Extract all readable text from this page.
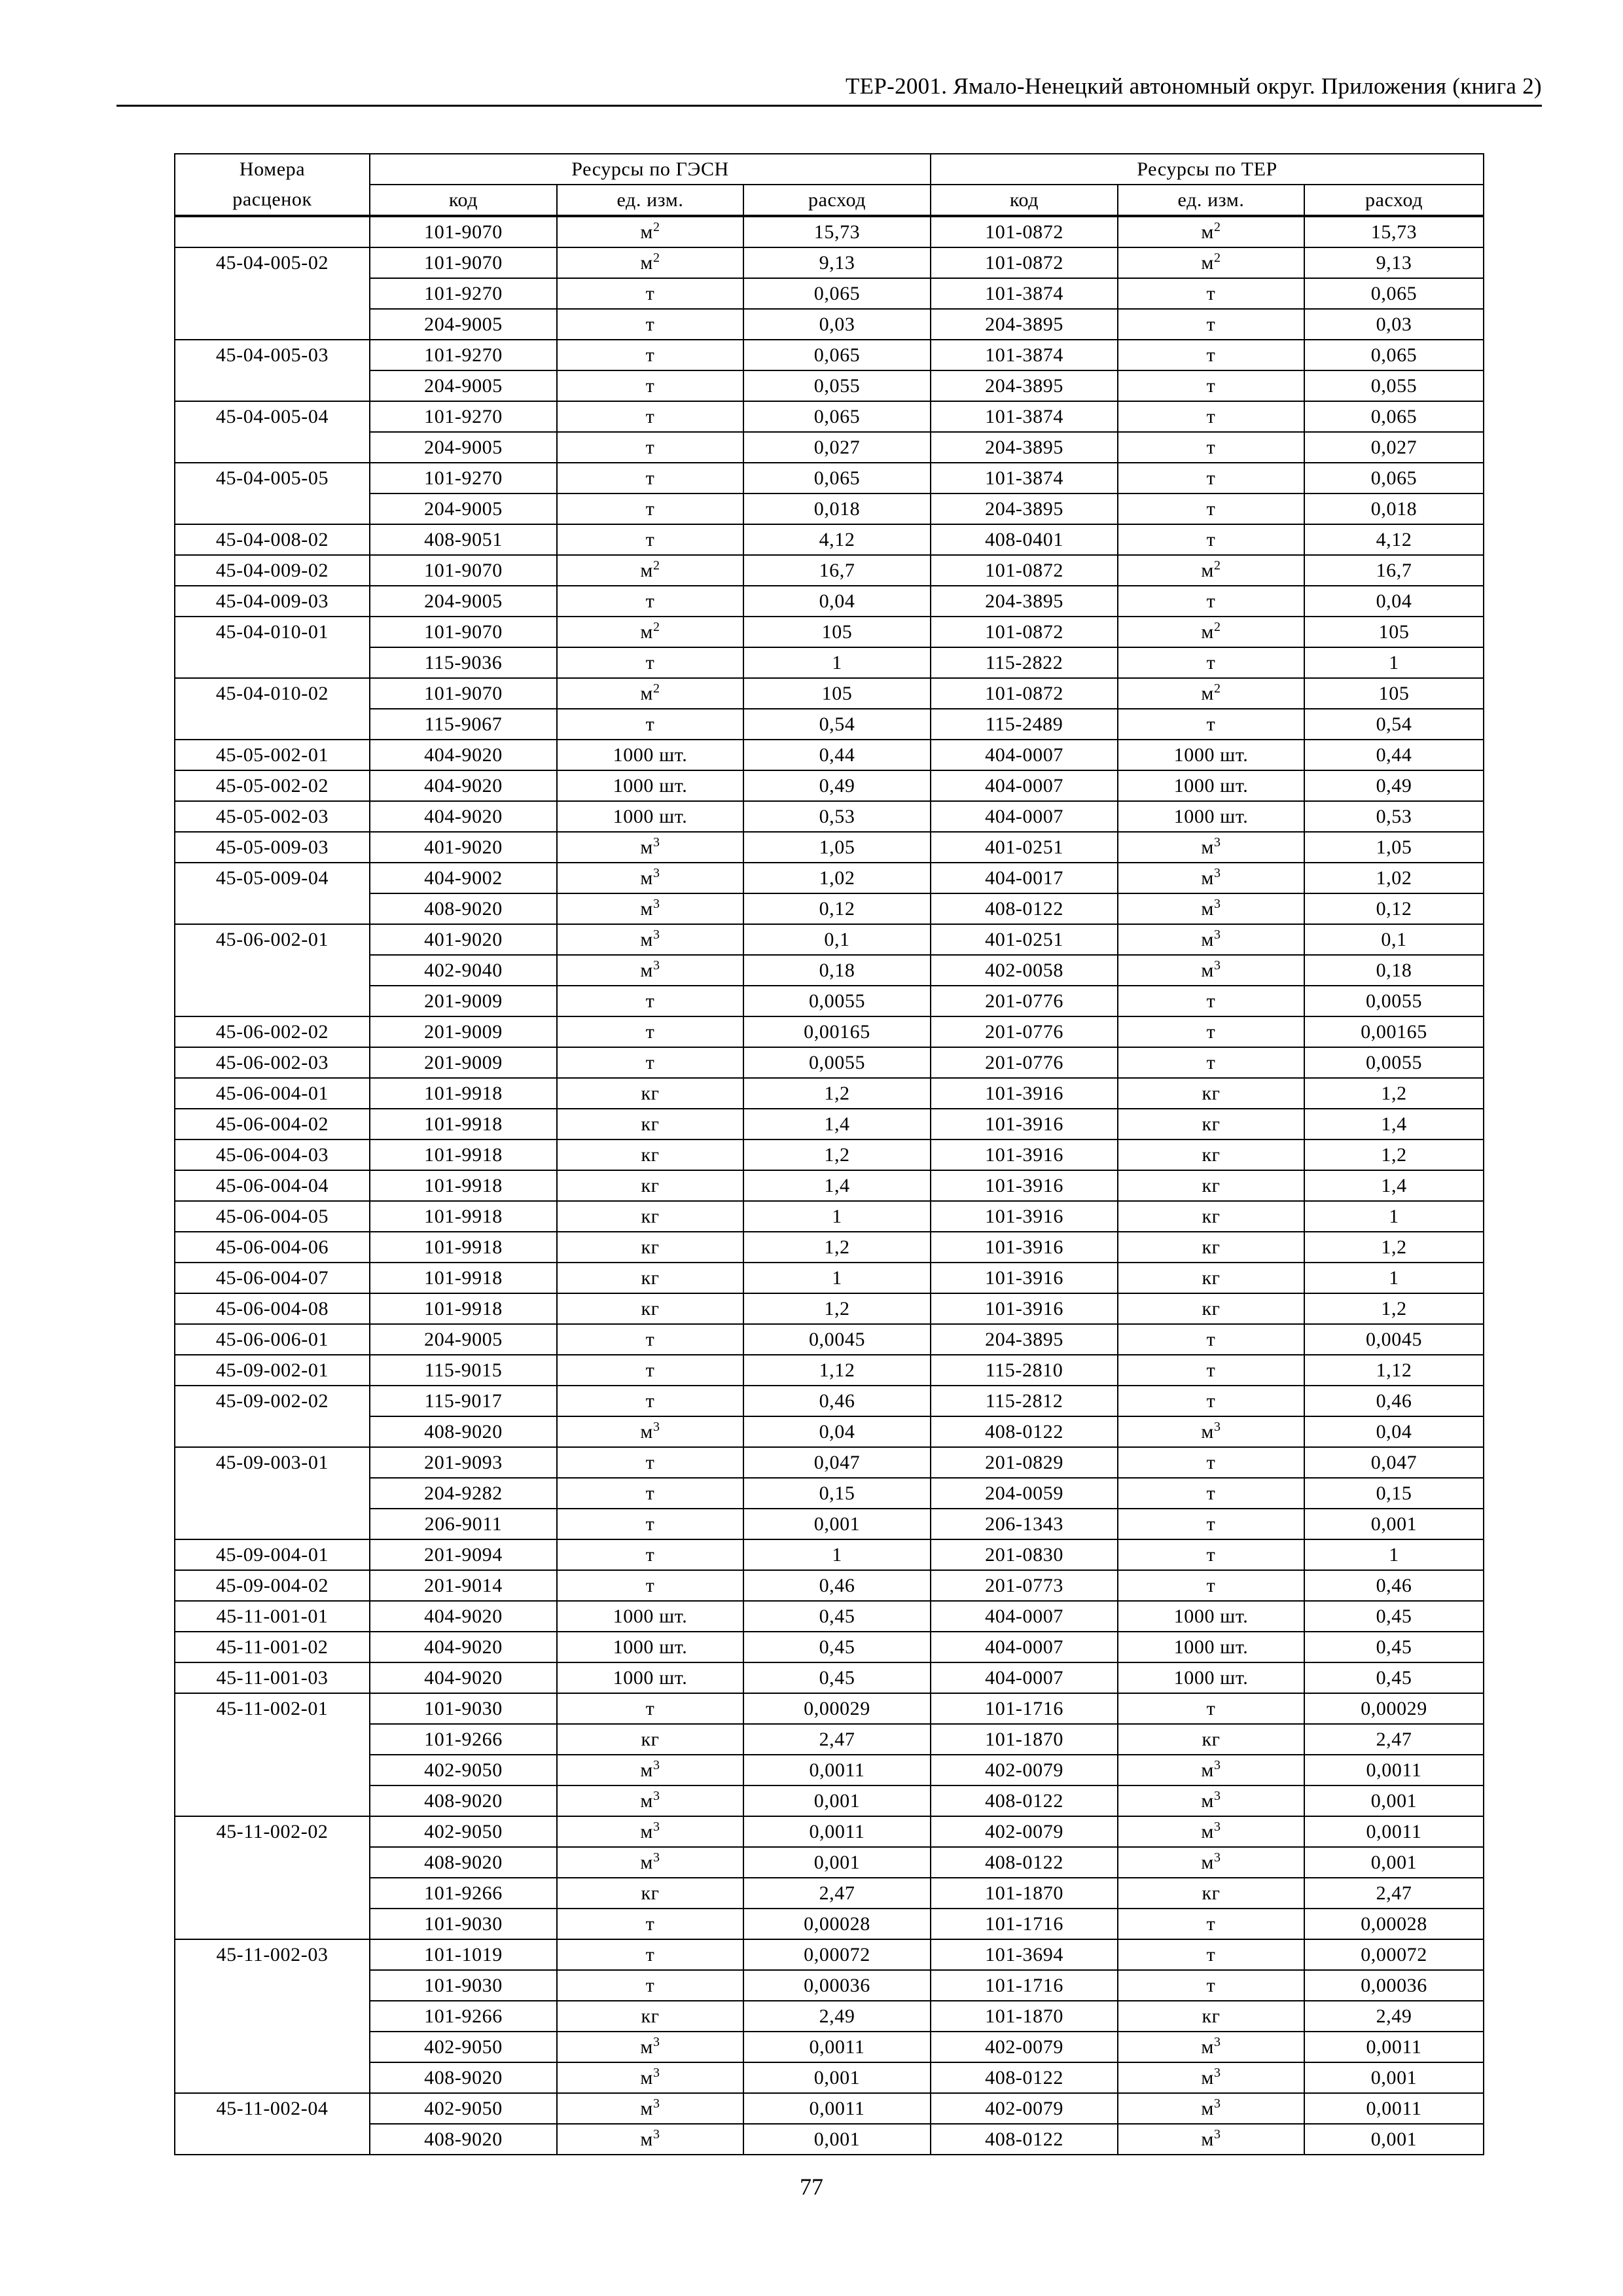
ТЕР-2001. Ямало-Ненецкий автономный округ. Приложения (книга 2)
Номера	Ресурсы по ГЭСН			Ресурсы по ТЕР		
расценок	код	ед. изм.	расход	код	ед. изм.	расход
	101-9070	$м^2$	15,73	101-0872	$м^2$	15,73
45-04-005-02	101-9070	$м^2$	9,13	101-0872	$м^2$	9,13
	101-9270	т	0,065	101-3874	т	0,065
	204-9005	т	0,03	204-3895	т	0,03
45-04-005-03	101-9270	т	0,065	101-3874	т	0,065
	204-9005	т	0,055	204-3895	т	0,055
45-04-005-04	101-9270	т	0,065	101-3874	т	0,065
	204-9005	т	0,027	204-3895	т	0,027
45-04-005-05	101-9270	т	0,065	101-3874	т	0,065
	204-9005	т	0,018	204-3895	т	0,018
45-04-008-02	408-9051	т	4,12	408-0401	т	4,12
45-04-009-02	101-9070	$м^2$	16,7	101-0872	$м^2$	16,7
45-04-009-03	204-9005	т	0,04	204-3895	т	0,04
45-04-010-01	101-9070	$м^2$	105	101-0872	$м^2$	105
	115-9036	т	1	115-2822	т	1
45-04-010-02	101-9070	$м^2$	105	101-0872	$м^2$	105
	115-9067	т	0,54	115-2489	т	0,54
45-05-002-01	404-9020	1000 шт.	0,44	404-0007	1000 шт.	0,44
45-05-002-02	404-9020	1000 шт.	0,49	404-0007	1000 шт.	0,49
45-05-002-03	404-9020	1000 шт.	0,53	404-0007	1000 шт.	0,53
45-05-009-03	401-9020	$м^3$	1,05	401-0251	$м^3$	1,05
45-05-009-04	404-9002	$м^3$	1,02	404-0017	$м^3$	1,02
	408-9020	$м^3$	0,12	408-0122	$м^3$	0,12
45-06-002-01	401-9020	$м^3$	0,1	401-0251	$м^3$	0,1
	402-9040	$м^3$	0,18	402-0058	$м^3$	0,18
	201-9009	т	0,0055	201-0776	т	0,0055
45-06-002-02	201-9009	т	0,00165	201-0776	т	0,00165
45-06-002-03	201-9009	т	0,0055	201-0776	т	0,0055
45-06-004-01	101-9918	кг	1,2	101-3916	кг	1,2
45-06-004-02	101-9918	кг	1,4	101-3916	кг	1,4
45-06-004-03	101-9918	кг	1,2	101-3916	кг	1,2
45-06-004-04	101-9918	кг	1,4	101-3916	кг	1,4
45-06-004-05	101-9918	кг	1	101-3916	кг	1
45-06-004-06	101-9918	кг	1,2	101-3916	кг	1,2
45-06-004-07	101-9918	кг	1	101-3916	кг	1
45-06-004-08	101-9918	кг	1,2	101-3916	кг	1,2
45-06-006-01	204-9005	т	0,0045	204-3895	т	0,0045
45-09-002-01	115-9015	т	1,12	115-2810	т	1,12
45-09-002-02	115-9017	т	0,46	115-2812	т	0,46
	408-9020	$м^3$	0,04	408-0122	$м^3$	0,04
45-09-003-01	201-9093	т	0,047	201-0829	т	0,047
	204-9282	т	0,15	204-0059	т	0,15
	206-9011	т	0,001	206-1343	т	0,001
45-09-004-01	201-9094	т	1	201-0830	т	1
45-09-004-02	201-9014	т	0,46	201-0773	т	0,46
45-11-001-01	404-9020	1000 шт.	0,45	404-0007	1000 шт.	0,45
45-11-001-02	404-9020	1000 шт.	0,45	404-0007	1000 шт.	0,45
45-11-001-03	404-9020	1000 шт.	0,45	404-0007	1000 шт.	0,45
45-11-002-01	101-9030	т	0,00029	101-1716	т	0,00029
	101-9266	кг	2,47	101-1870	кг	2,47
	402-9050	$м^3$	0,0011	402-0079	$м^3$	0,0011
	408-9020	$м^3$	0,001	408-0122	$м^3$	0,001
45-11-002-02	402-9050	$м^3$	0,0011	402-0079	$м^3$	0,0011
	408-9020	$м^3$	0,001	408-0122	$м^3$	0,001
	101-9266	кг	2,47	101-1870	кг	2,47
	101-9030	т	0,00028	101-1716	т	0,00028
45-11-002-03	101-1019	т	0,00072	101-3694	т	0,00072
	101-9030	т	0,00036	101-1716	т	0,00036
	101-9266	кг	2,49	101-1870	кг	2,49
	402-9050	$м^3$	0,0011	402-0079	$м^3$	0,0011
	408-9020	$м^3$	0,001	408-0122	$м^3$	0,001
45-11-002-04	402-9050	$м^3$	0,0011	402-0079	$м^3$	0,0011
	408-9020	$м^3$	0,001	408-0122	$м^3$	0,001
77
